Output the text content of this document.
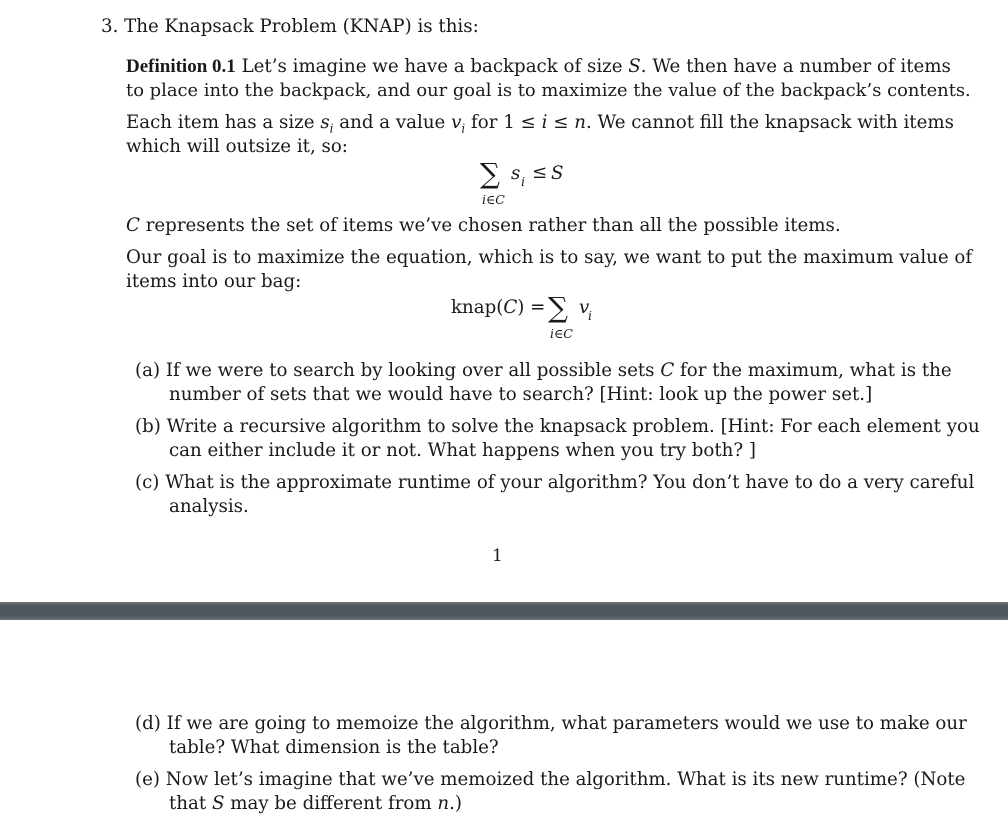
3. The Knapsack Problem (KNAP) is this:
Definition 0.1 Let’s imagine we have a backpack of size S. We then have a number of items
to place into the backpack, and our goal is to maximize the value of the backpack’s contents.
Each item has a size $s_i$ and a value $v_i$ for 1 ≤ i ≤ n. We cannot fill the knapsack with items
which will outsize it, so:
∑
i∈C
s i ≤ S
C represents the set of items we’ve chosen rather than all the possible items.
Our goal is to maximize the equation, which is to say, we want to put the maximum value of
items into our bag:
knap(C) = ∑
i∈C
v
i
(a) If we were to search by looking over all possible sets C for the maximum, what is the
number of sets that we would have to search? [Hint: look up the power set.]
(b) Write a recursive algorithm to solve the knapsack problem. [Hint: For each element you
can either include it or not. What happens when you try both? ]
(c) What is the approximate runtime of your algorithm? You don’t have to do a very careful
analysis.
1
(d) If we are going to memoize the algorithm, what parameters would we use to make our
table? What dimension is the table?
(e) Now let’s imagine that we’ve memoized the algorithm. What is its new runtime? (Note
that S may be different from n.)
